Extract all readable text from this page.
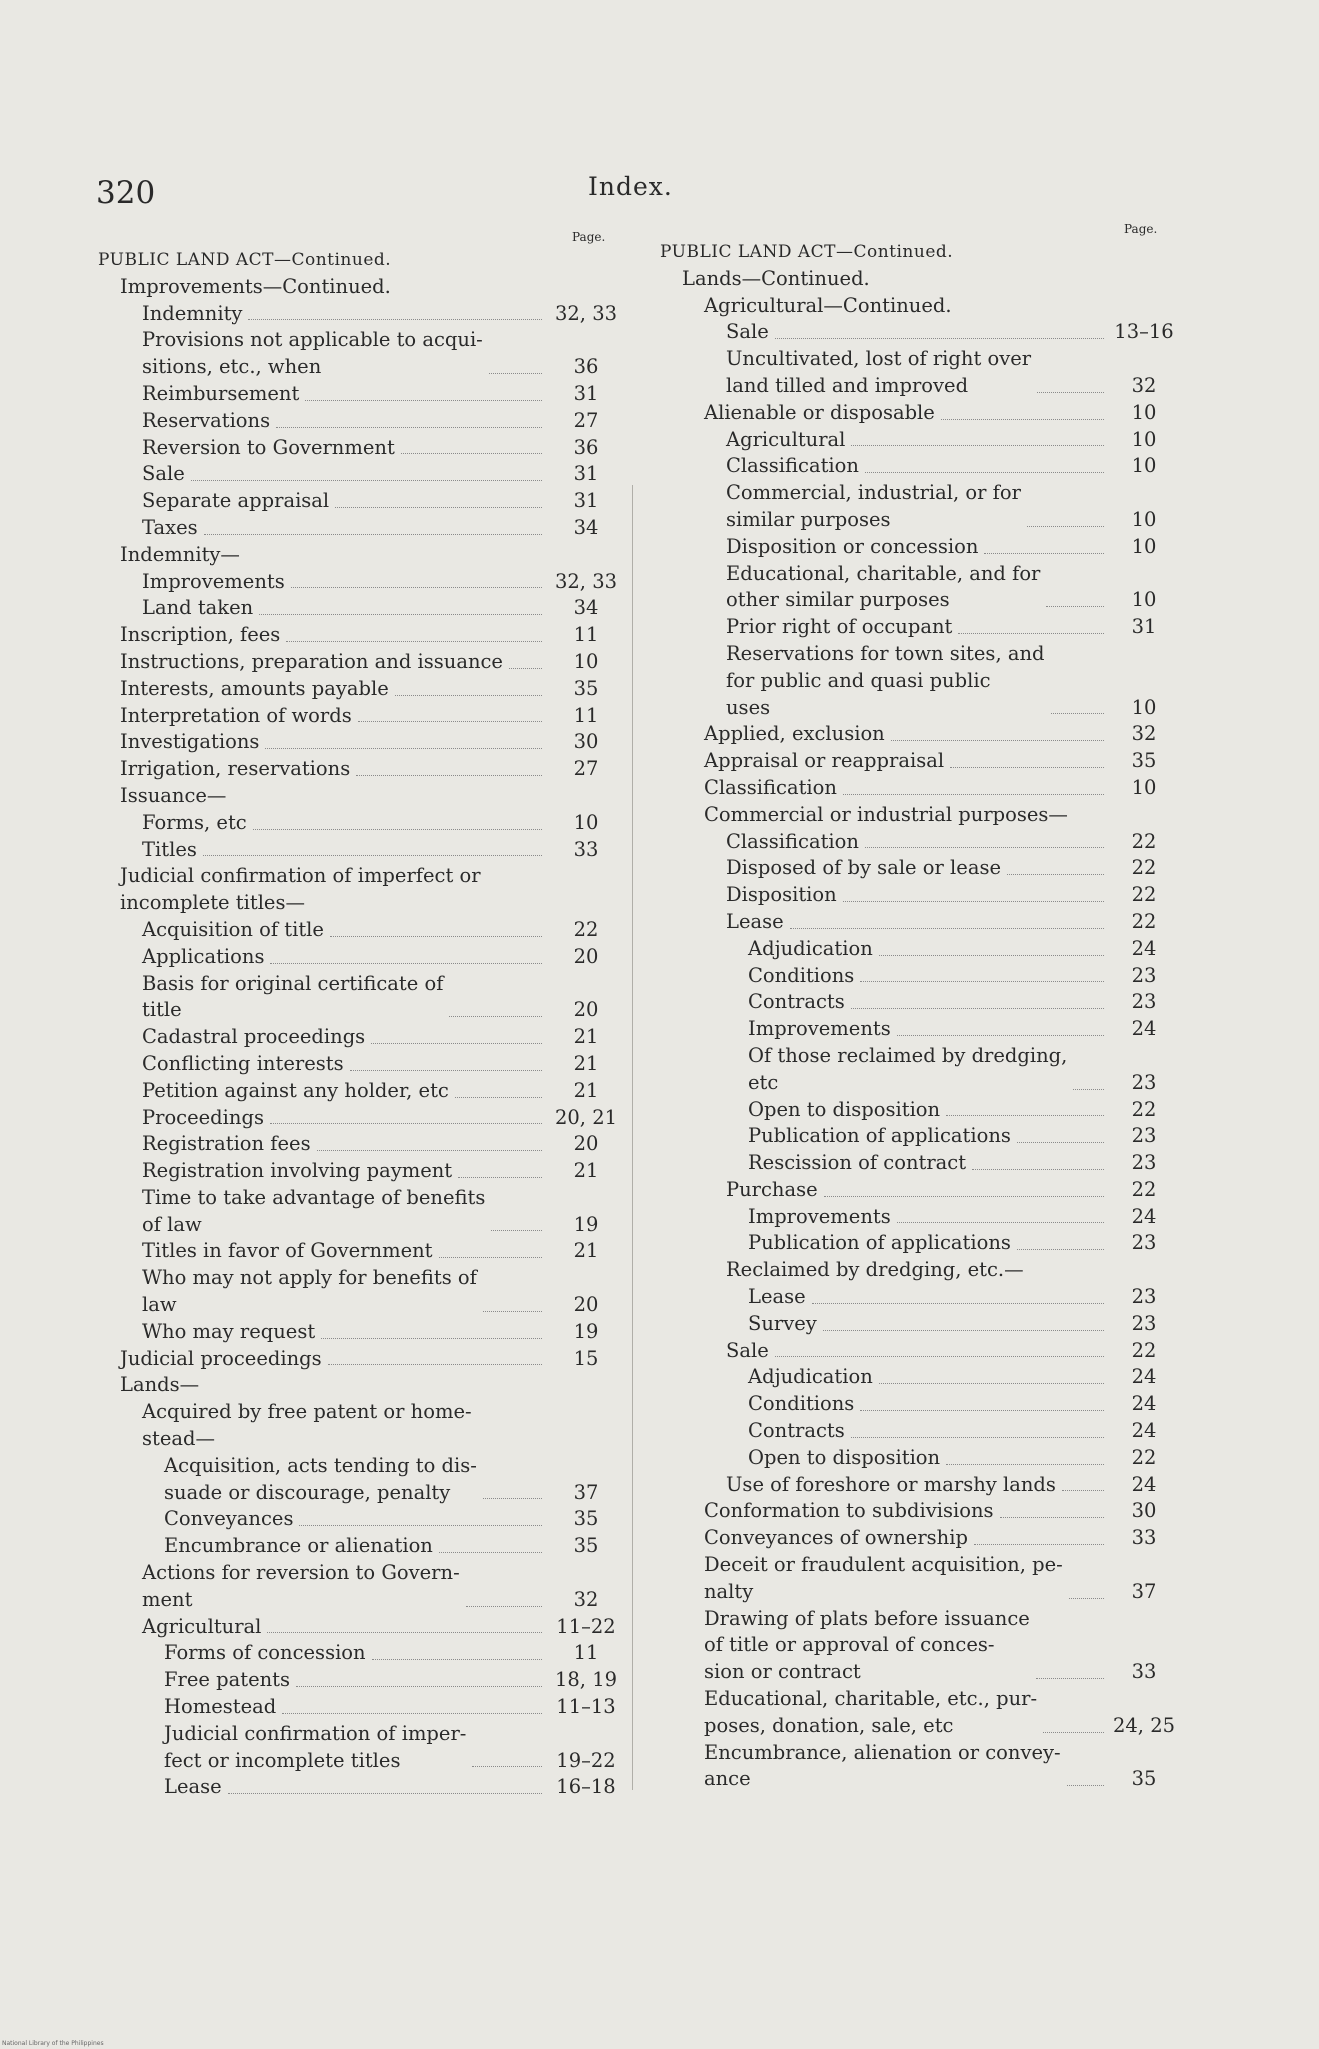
320	Index.
Page.
Page.
PUBLIC LAND ACT—Continued.
Improvements—Continued.
Indemnity	32, 33
Provisions not applicable to acqui-
sitions, etc., when	36
Reimbursement	31
Reservations	27
Reversion to Government	36
Sale	31
Separate appraisal	31
Taxes	34
Indemnity—
Improvements	32, 33
Land taken	34
Inscription, fees	11
Instructions, preparation and issuance	10
Interests, amounts payable	35
Interpretation of words	11
Investigations	30
Irrigation, reservations	27
Issuance—
Forms, etc	10
Titles	33
Judicial confirmation of imperfect or
incomplete titles—
Acquisition of title	22
Applications	20
Basis for original certificate of
title	20
Cadastral proceedings	21
Conflicting interests	21
Petition against any holder, etc	21
Proceedings	20, 21
Registration fees	20
Registration involving payment	21
Time to take advantage of benefits
of law	19
Titles in favor of Government	21
Who may not apply for benefits of
law	20
Who may request	19
Judicial proceedings	15
Lands—
Acquired by free patent or home-
stead—
Acquisition, acts tending to dis-
suade or discourage, penalty	37
Conveyances	35
Encumbrance or alienation	35
Actions for reversion to Govern-
ment	32
Agricultural	11–22
Forms of concession	11
Free patents	18, 19
Homestead	11–13
Judicial confirmation of imper-
fect or incomplete titles	19–22
Lease	16–18
PUBLIC LAND ACT—Continued.
Lands—Continued.
Agricultural—Continued.
Sale	13–16
Uncultivated, lost of right over
land tilled and improved	32
Alienable or disposable	10
Agricultural	10
Classification	10
Commercial, industrial, or for
similar purposes	10
Disposition or concession	10
Educational, charitable, and for
other similar purposes	10
Prior right of occupant	31
Reservations for town sites, and
for public and quasi public
uses	10
Applied, exclusion	32
Appraisal or reappraisal	35
Classification	10
Commercial or industrial purposes—
Classification	22
Disposed of by sale or lease	22
Disposition	22
Lease	22
Adjudication	24
Conditions	23
Contracts	23
Improvements	24
Of those reclaimed by dredging,
etc	23
Open to disposition	22
Publication of applications	23
Rescission of contract	23
Purchase	22
Improvements	24
Publication of applications	23
Reclaimed by dredging, etc.—
Lease	23
Survey	23
Sale	22
Adjudication	24
Conditions	24
Contracts	24
Open to disposition	22
Use of foreshore or marshy lands	24
Conformation to subdivisions	30
Conveyances of ownership	33
Deceit or fraudulent acquisition, pe-
nalty	37
Drawing of plats before issuance
of title or approval of conces-
sion or contract	33
Educational, charitable, etc., pur-
poses, donation, sale, etc	24, 25
Encumbrance, alienation or convey-
ance	35
National Library of the Philippines
